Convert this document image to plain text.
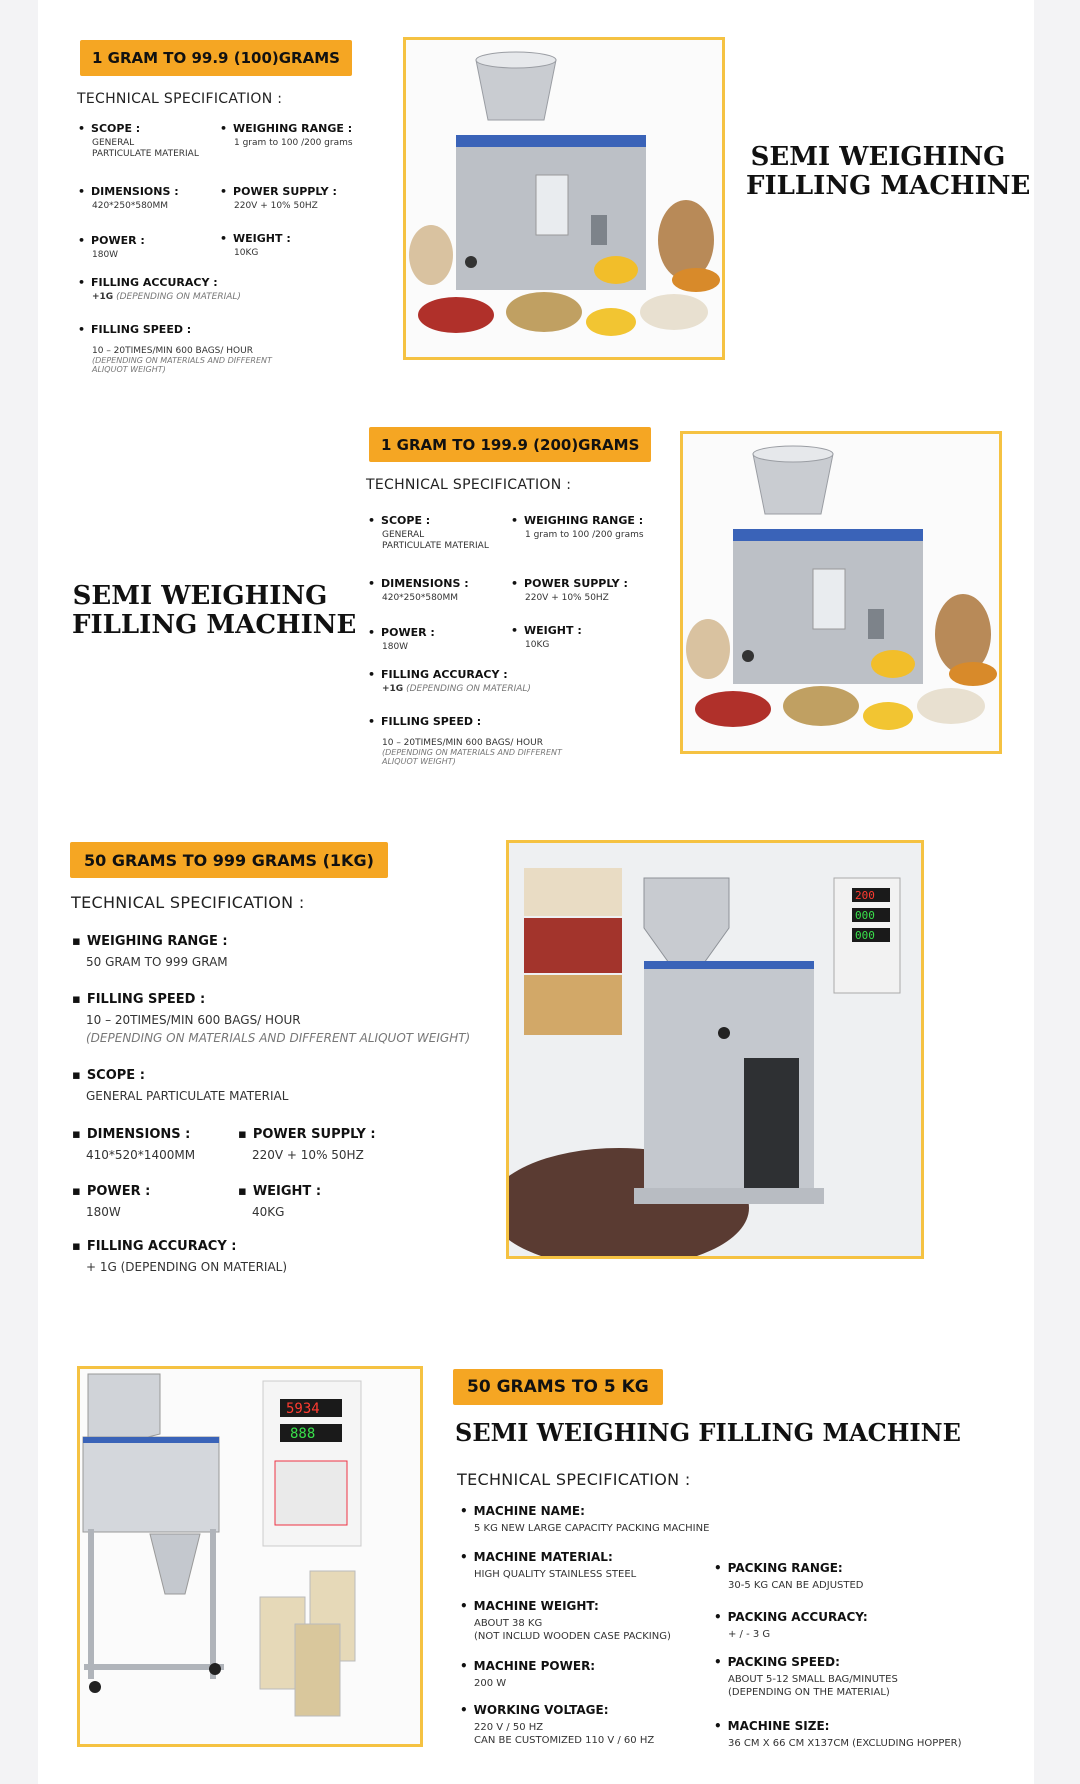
1 GRAM TO 99.9 (100)GRAMS
TECHNICAL SPECIFICATION :
• SCOPE :
GENERAL
PARTICULATE MATERIAL
• WEIGHING RANGE :
1 gram to 100 /200 grams
• DIMENSIONS :
420*250*580MM
• POWER SUPPLY :
220V + 10% 50HZ
• POWER :
180W
• WEIGHT :
10KG
• FILLING ACCURACY :
+1G (DEPENDING ON MATERIAL)
• FILLING SPEED :
10 – 20TIMES/MIN 600 BAGS/ HOUR
(DEPENDING ON MATERIALS AND DIFFERENT
ALIQUOT WEIGHT)
SEMI WEIGHING
FILLING MACHINE
1 GRAM TO 199.9 (200)GRAMS
TECHNICAL SPECIFICATION :
SEMI WEIGHING
FILLING MACHINE
• SCOPE :
GENERAL
PARTICULATE MATERIAL
• WEIGHING RANGE :
1 gram to 100 /200 grams
• DIMENSIONS :
420*250*580MM
• POWER SUPPLY :
220V + 10% 50HZ
• POWER :
180W
• WEIGHT :
10KG
• FILLING ACCURACY :
+1G (DEPENDING ON MATERIAL)
• FILLING SPEED :
10 – 20TIMES/MIN 600 BAGS/ HOUR
(DEPENDING ON MATERIALS AND DIFFERENT
ALIQUOT WEIGHT)
50 GRAMS TO 999 GRAMS (1KG)
TECHNICAL SPECIFICATION :
▪ WEIGHING RANGE :
50 GRAM TO 999 GRAM
▪ FILLING SPEED :
10 – 20TIMES/MIN 600 BAGS/ HOUR
(DEPENDING ON MATERIALS AND DIFFERENT ALIQUOT WEIGHT)
▪ SCOPE :
GENERAL PARTICULATE MATERIAL
▪ DIMENSIONS :
410*520*1400MM
▪ POWER SUPPLY :
220V + 10% 50HZ
▪ POWER :
180W
▪ WEIGHT :
40KG
▪ FILLING ACCURACY :
+ 1G (DEPENDING ON MATERIAL)
200
000
000
5934
888
50 GRAMS TO 5 KG
SEMI WEIGHING FILLING MACHINE
TECHNICAL SPECIFICATION :
• MACHINE NAME:
5 KG NEW LARGE CAPACITY PACKING MACHINE
• MACHINE MATERIAL:
HIGH QUALITY STAINLESS STEEL
• MACHINE WEIGHT:
ABOUT 38 KG
(NOT INCLUD WOODEN CASE PACKING)
• MACHINE POWER:
200 W
• WORKING VOLTAGE:
220 V / 50 HZ
CAN BE CUSTOMIZED 110 V / 60 HZ
• PACKING RANGE:
30-5 KG CAN BE ADJUSTED
• PACKING ACCURACY:
+ / - 3 G
• PACKING SPEED:
ABOUT 5-12 SMALL BAG/MINUTES
(DEPENDING ON THE MATERIAL)
• MACHINE SIZE:
36 CM X 66 CM X137CM (EXCLUDING HOPPER)
